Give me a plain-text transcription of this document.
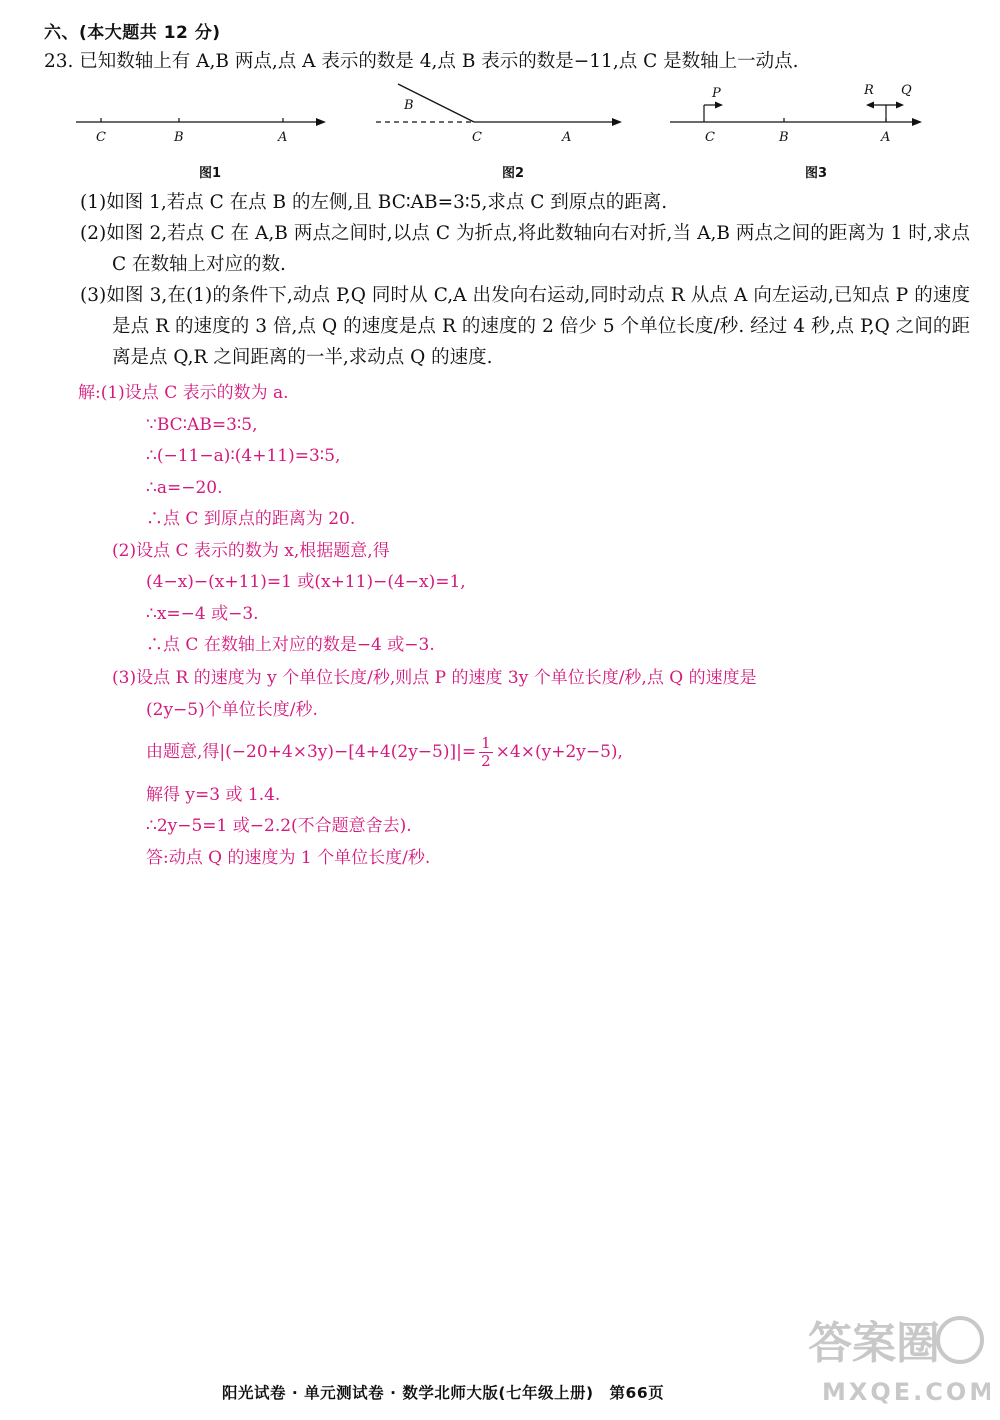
六、(本大题共 12 分)
23. 已知数轴上有 A,B 两点,点 A 表示的数是 4,点 B 表示的数是−11,点 C 是数轴上一动点.
C	B	A
图1
B
C	A
图2
P	R Q
C	B	A
图3
(1)如图 1,若点 C 在点 B 的左侧,且 BC∶AB=3∶5,求点 C 到原点的距离.
(2)如图 2,若点 C 在 A,B 两点之间时,以点 C 为折点,将此数轴向右对折,当 A,B 两点之间的距离为 1 时,求点 C 在数轴上对应的数.
(3)如图 3,在(1)的条件下,动点 P,Q 同时从 C,A 出发向右运动,同时动点 R 从点 A 向左运动,已知点 P 的速度是点 R 的速度的 3 倍,点 Q 的速度是点 R 的速度的 2 倍少 5 个单位长度/秒. 经过 4 秒,点 P,Q 之间的距离是点 Q,R 之间距离的一半,求动点 Q 的速度.
解:(1)设点 C 表示的数为 a.
∵BC∶AB=3∶5,
∴(−11−a)∶(4+11)=3∶5,
∴a=−20.
∴点 C 到原点的距离为 20.
(2)设点 C 表示的数为 x,根据题意,得
(4−x)−(x+11)=1 或(x+11)−(4−x)=1,
∴x=−4 或−3.
∴点 C 在数轴上对应的数是−4 或−3.
(3)设点 R 的速度为 y 个单位长度/秒,则点 P 的速度 3y 个单位长度/秒,点 Q 的速度是
(2y−5)个单位长度/秒.
由题意,得$|(-20+4\times 3y)-[4+4(2y-5)]|= \frac{1}{2} \times 4\times(y+2y-5)$,
解得 y=3 或 1.4.
∴2y−5=1 或−2.2(不合题意舍去).
答:动点 Q 的速度为 1 个单位长度/秒.
答案圈
MXQE.COM
阳光试卷 · 单元测试卷 · 数学北师大版(七年级上册)　第66页
